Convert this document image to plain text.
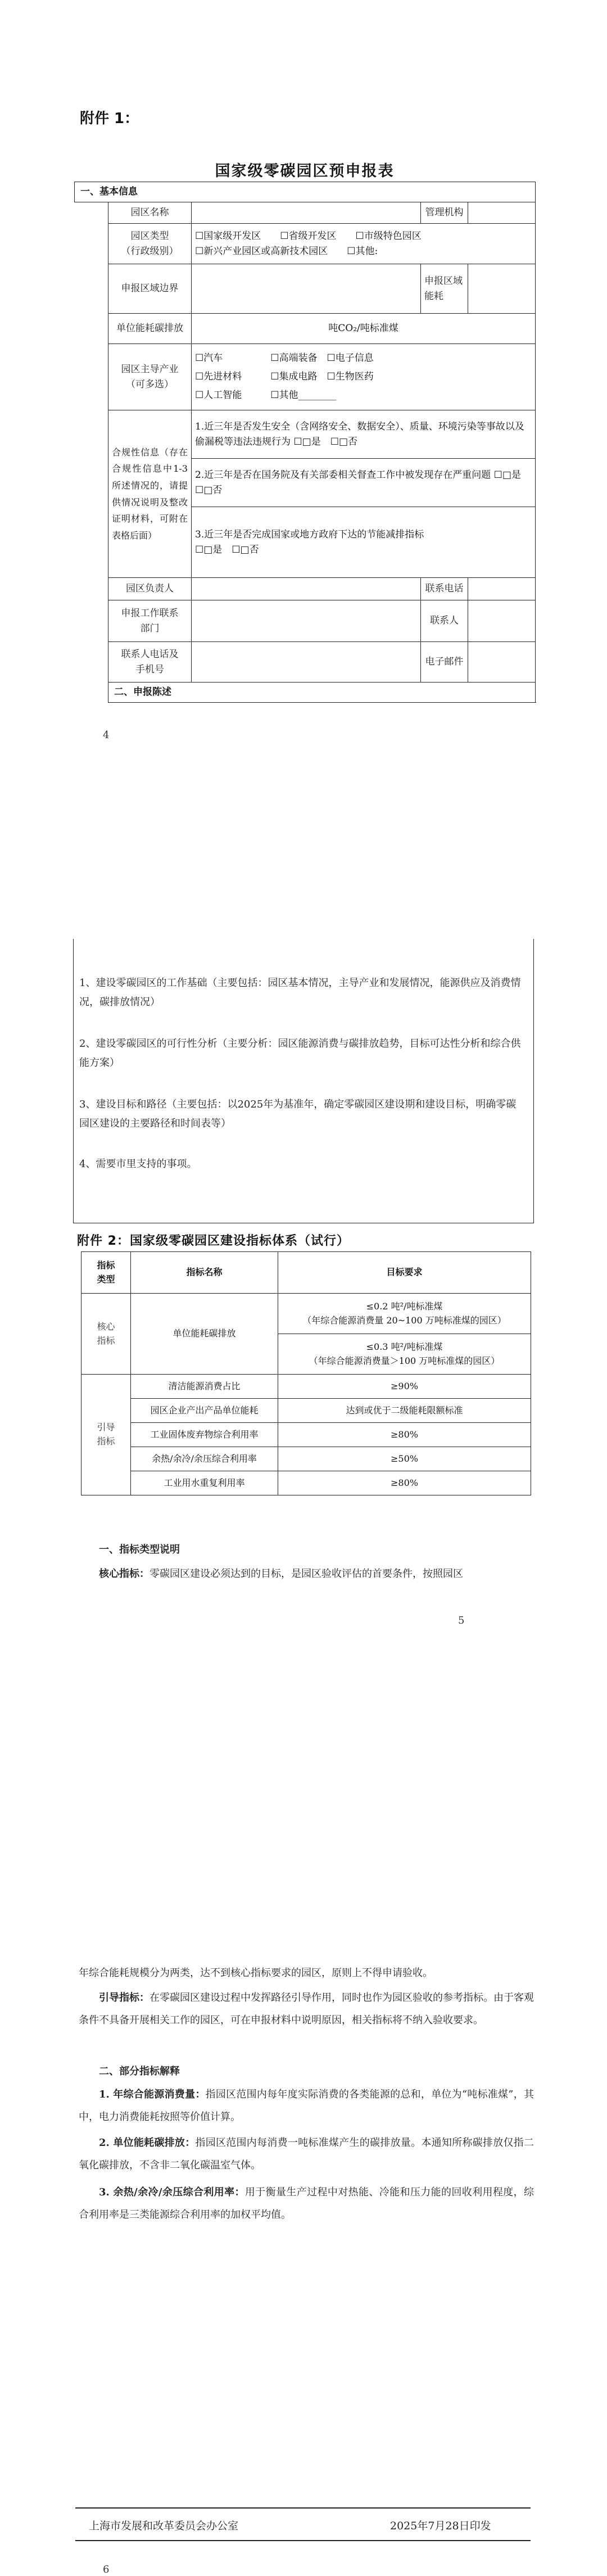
附件 1：
国家级零碳园区预申报表
一、基本信息				
	园区名称		管理机构	
	园区类型
（行政级别）	☐国家级开发区　　☐省级开发区　　☐市级特色园区
☐新兴产业园区或高新技术园区　　☐其他:		
	申报区域边界		申报区域
能耗	
	单位能耗碳排放	吨CO₂/吨标准煤		
	园区主导产业
（可多选）	☐汽车　　　　　☐高端装备　☐电子信息
☐先进材料　　　☐集成电路　☐生物医药
☐人工智能　　　☐其他________		
	合规性信息（存在合规性信息中1-3所述情况的，请提供情况说明及整改证明材料，可附在表格后面）	1.近三年是否发生安全（含网络安全、数据安全）、质量、环境污染等事故以及偷漏税等违法违规行为 ☐□是　☐□否		
		2.近三年是否在国务院及有关部委相关督查工作中被发现存在严重问题 ☐□是　☐□否		
		3.近三年是否完成国家或地方政府下达的节能减排指标
☐□是　☐□否		
	园区负责人		联系电话	
	申报工作联系
部门		联系人	
	联系人电话及
手机号		电子邮件	
	二、申报陈述			
4

1、建设零碳园区的工作基础（主要包括：园区基本情况，主导产业和发展情况，能源供应及消费情况，碳排放情况）

2、建设零碳园区的可行性分析（主要分析：园区能源消费与碳排放趋势，目标可达性分析和综合供能方案）

3、建设目标和路径（主要包括：以2025年为基准年，确定零碳园区建设期和建设目标，明确零碳园区建设的主要路径和时间表等）

4、需要市里支持的事项。

附件 2：国家级零碳园区建设指标体系（试行）
指标
类型	指标名称	目标要求
核心
指标	单位能耗碳排放	≤0.2 吨²/吨标准煤
（年综合能源消费量 20~100 万吨标准煤的园区）
		≤0.3 吨²/吨标准煤
（年综合能源消费量＞100 万吨标准煤的园区）
引导
指标	清洁能源消费占比	≥90%
	园区企业产出产品单位能耗	达到或优于二级能耗限额标准
	工业固体废弃物综合利用率	≥80%
	余热/余冷/余压综合利用率	≥50%
	工业用水重复利用率	≥80%
一、指标类型说明
核心指标：零碳园区建设必须达到的目标，是园区验收评估的首要条件，按照园区
5
年综合能耗规模分为两类，达不到核心指标要求的园区，原则上不得申请验收。
引导指标：在零碳园区建设过程中发挥路径引导作用，同时也作为园区验收的参考指标。由于客观条件不具备开展相关工作的园区，可在申报材料中说明原因，相关指标将不纳入验收要求。
二、部分指标解释
1. 年综合能源消费量：指园区范围内每年度实际消费的各类能源的总和，单位为“吨标准煤”，其中，电力消费能耗按照等价值计算。
2. 单位能耗碳排放：指园区范围内每消费一吨标准煤产生的碳排放量。本通知所称碳排放仅指二氧化碳排放，不含非二氧化碳温室气体。
3. 余热/余冷/余压综合利用率：用于衡量生产过程中对热能、冷能和压力能的回收利用程度，综合利用率是三类能源综合利用率的加权平均值。
上海市发展和改革委员会办公室	2025年7月28日印发
6
